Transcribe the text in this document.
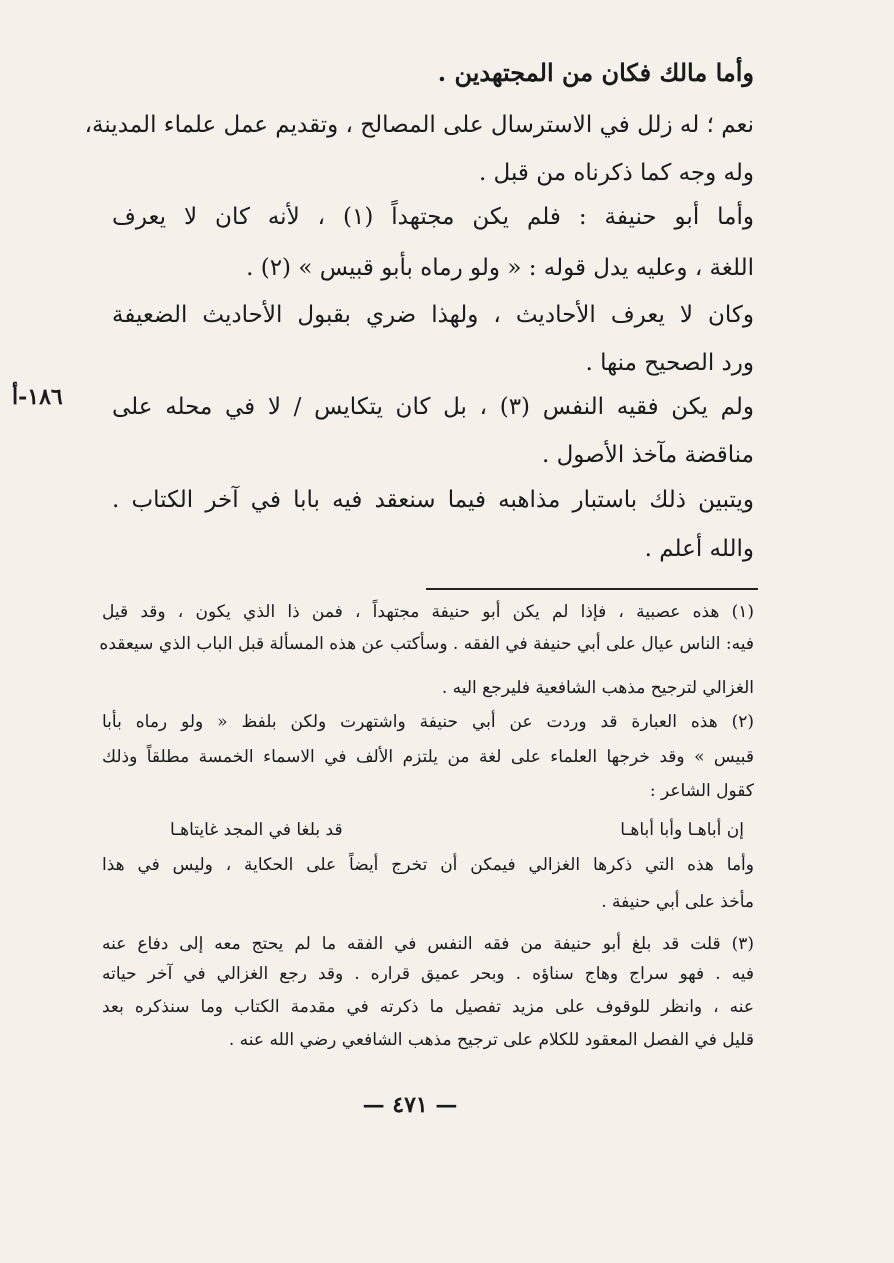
وأما مالك فكان من المجتهدين .
نعم ؛ له زلل في الاسترسال على المصالح ، وتقديم عمل علماء المدينة،
وله وجه كما ذكرناه من قبل .
وأما أبو حنيفة : فلم يكن مجتهداً (١) ، لأنه كان لا يعرف
اللغة ، وعليه يدل قوله : « ولو رماه بأبو قبيس » (٢) .
وكان لا يعرف الأحاديث ، ولهذا ضري بقبول الأحاديث الضعيفة
ورد الصحيح منها .
ولم يكن فقيه النفس (٣) ، بل كان يتكايس / لا في محله على
١٨٦-أ
مناقضة مآخذ الأصول .
ويتبين ذلك باستبار مذاهبه فيما سنعقد فيه بابا في آخر الكتاب .
والله أعلم .
(١) هذه عصبية ، فإذا لم يكن أبو حنيفة مجتهداً ، فمن ذا الذي يكون ، وقد قيل
فيه: الناس عيال على أبي حنيفة في الفقه . وسأكتب عن هذه المسألة قبل الباب الذي سيعقده
الغزالي لترجيح مذهب الشافعية فليرجع اليه .
(٢) هذه العبارة قد وردت عن أبي حنيفة واشتهرت ولكن بلفظ « ولو رماه بأبا
قبيس » وقد خرجها العلماء على لغة من يلتزم الألف في الاسماء الخمسة مطلقاً وذلك
كقول الشاعر :
إن أباهـا وأبا أباهـا
قد بلغا في المجد غايتاهـا
وأما هذه التي ذكرها الغزالي فيمكن أن تخرج أيضاً على الحكاية ، وليس في هذا
مأخذ على أبي حنيفة .
(٣) قلت قد بلغ أبو حنيفة من فقه النفس في الفقه ما لم يحتج معه إلى دفاع عنه
فيه . فهو سراج وهاج سناؤه . وبحر عميق قراره . وقد رجع الغزالي في آخر حياته
عنه ، وانظر للوقوف على مزيد تفصيل ما ذكرته في مقدمة الكتاب وما سنذكره بعد
قليل في الفصل المعقود للكلام على ترجيح مذهب الشافعي رضي الله عنه .
— ٤٧١ —
